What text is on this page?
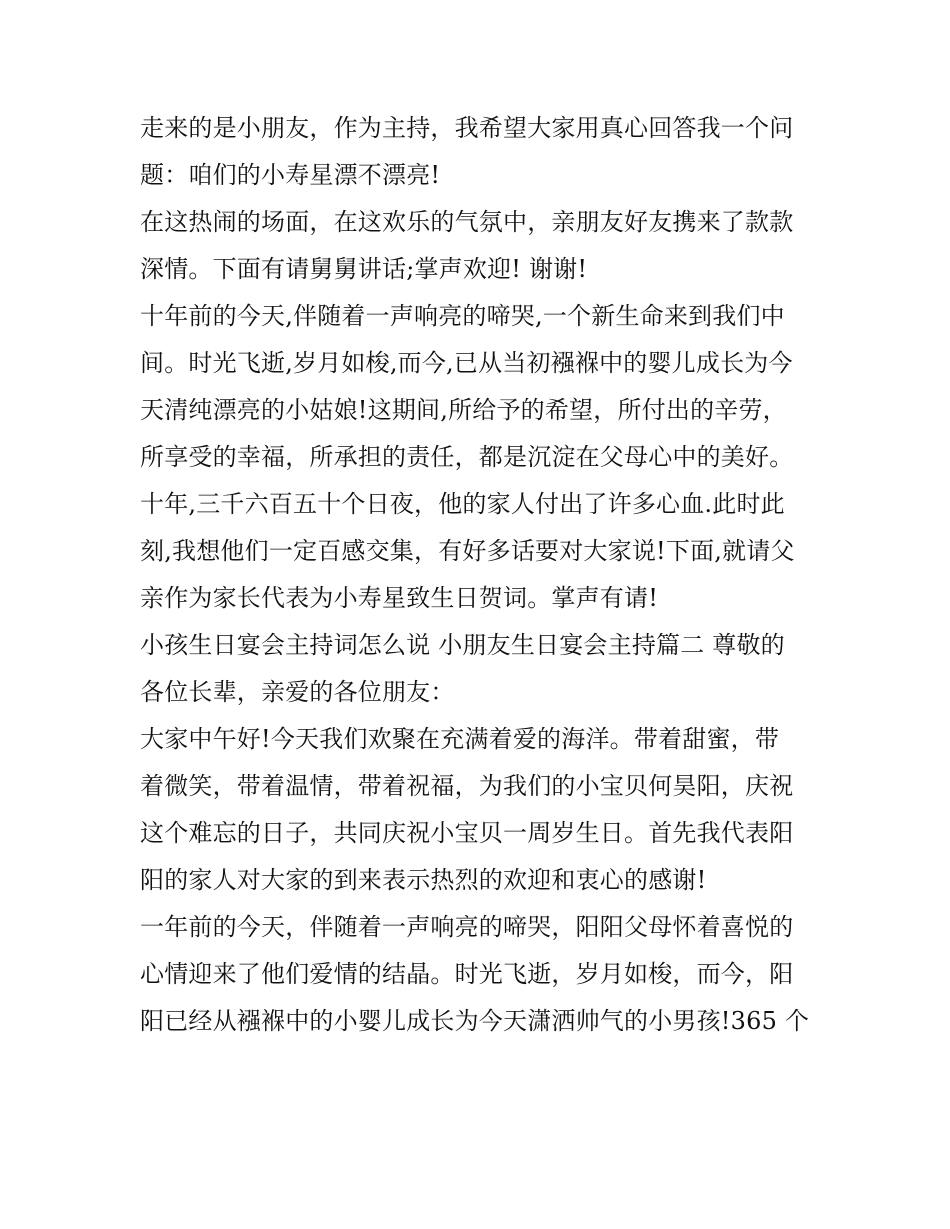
走来的是小朋友，作为主持，我希望大家用真心回答我一个问
题：咱们的小寿星漂不漂亮!
在这热闹的场面，在这欢乐的气氛中，亲朋友好友携来了款款
深情。下面有请舅舅讲话;掌声欢迎! 谢谢!
十年前的今天,伴随着一声响亮的啼哭,一个新生命来到我们中
间。时光飞逝,岁月如梭,而今,已从当初襁褓中的婴儿成长为今
天清纯漂亮的小姑娘!这期间,所给予的希望，所付出的辛劳，
所享受的幸福，所承担的责任，都是沉淀在父母心中的美好。
十年,三千六百五十个日夜，他的家人付出了许多心血.此时此
刻,我想他们一定百感交集，有好多话要对大家说!下面,就请父
亲作为家长代表为小寿星致生日贺词。掌声有请!
小孩生日宴会主持词怎么说 小朋友生日宴会主持篇二 尊敬的
各位长辈，亲爱的各位朋友：
大家中午好!今天我们欢聚在充满着爱的海洋。带着甜蜜，带
着微笑，带着温情，带着祝福，为我们的小宝贝何昊阳，庆祝
这个难忘的日子，共同庆祝小宝贝一周岁生日。首先我代表阳
阳的家人对大家的到来表示热烈的欢迎和衷心的感谢!
一年前的今天，伴随着一声响亮的啼哭，阳阳父母怀着喜悦的
心情迎来了他们爱情的结晶。时光飞逝，岁月如梭，而今，阳
阳已经从襁褓中的小婴儿成长为今天潇洒帅气的小男孩!365 个
